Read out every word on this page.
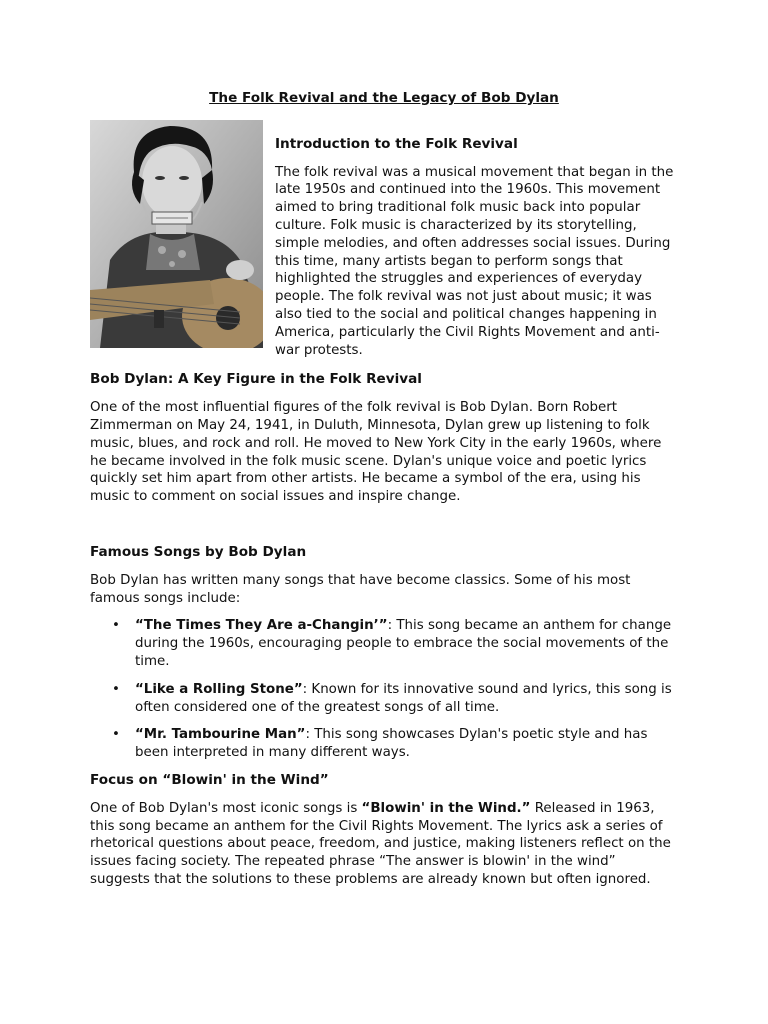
The Folk Revival and the Legacy of Bob Dylan
Introduction to the Folk Revival

The folk revival was a musical movement that began in the late 1950s and continued into the 1960s. This movement aimed to bring traditional folk music back into popular culture. Folk music is characterized by its storytelling, simple melodies, and often addresses social issues. During this time, many artists began to perform songs that highlighted the struggles and experiences of everyday people. The folk revival was not just about music; it was also tied to the social and political changes happening in America, particularly the Civil Rights Movement and anti-war protests.

Bob Dylan: A Key Figure in the Folk Revival

One of the most influential figures of the folk revival is Bob Dylan. Born Robert Zimmerman on May 24, 1941, in Duluth, Minnesota, Dylan grew up listening to folk music, blues, and rock and roll. He moved to New York City in the early 1960s, where he became involved in the folk music scene. Dylan's unique voice and poetic lyrics quickly set him apart from other artists. He became a symbol of the era, using his music to comment on social issues and inspire change.

Famous Songs by Bob Dylan

Bob Dylan has written many songs that have become classics. Some of his most famous songs include:

• “The Times They Are a-Changin’”: This song became an anthem for change during the 1960s, encouraging people to embrace the social movements of the time.
• “Like a Rolling Stone”: Known for its innovative sound and lyrics, this song is often considered one of the greatest songs of all time.
• “Mr. Tambourine Man”: This song showcases Dylan's poetic style and has been interpreted in many different ways.
Focus on “Blowin' in the Wind”

One of Bob Dylan's most iconic songs is “Blowin' in the Wind.” Released in 1963, this song became an anthem for the Civil Rights Movement. The lyrics ask a series of rhetorical questions about peace, freedom, and justice, making listeners reflect on the issues facing society. The repeated phrase “The answer is blowin' in the wind” suggests that the solutions to these problems are already known but often ignored.
